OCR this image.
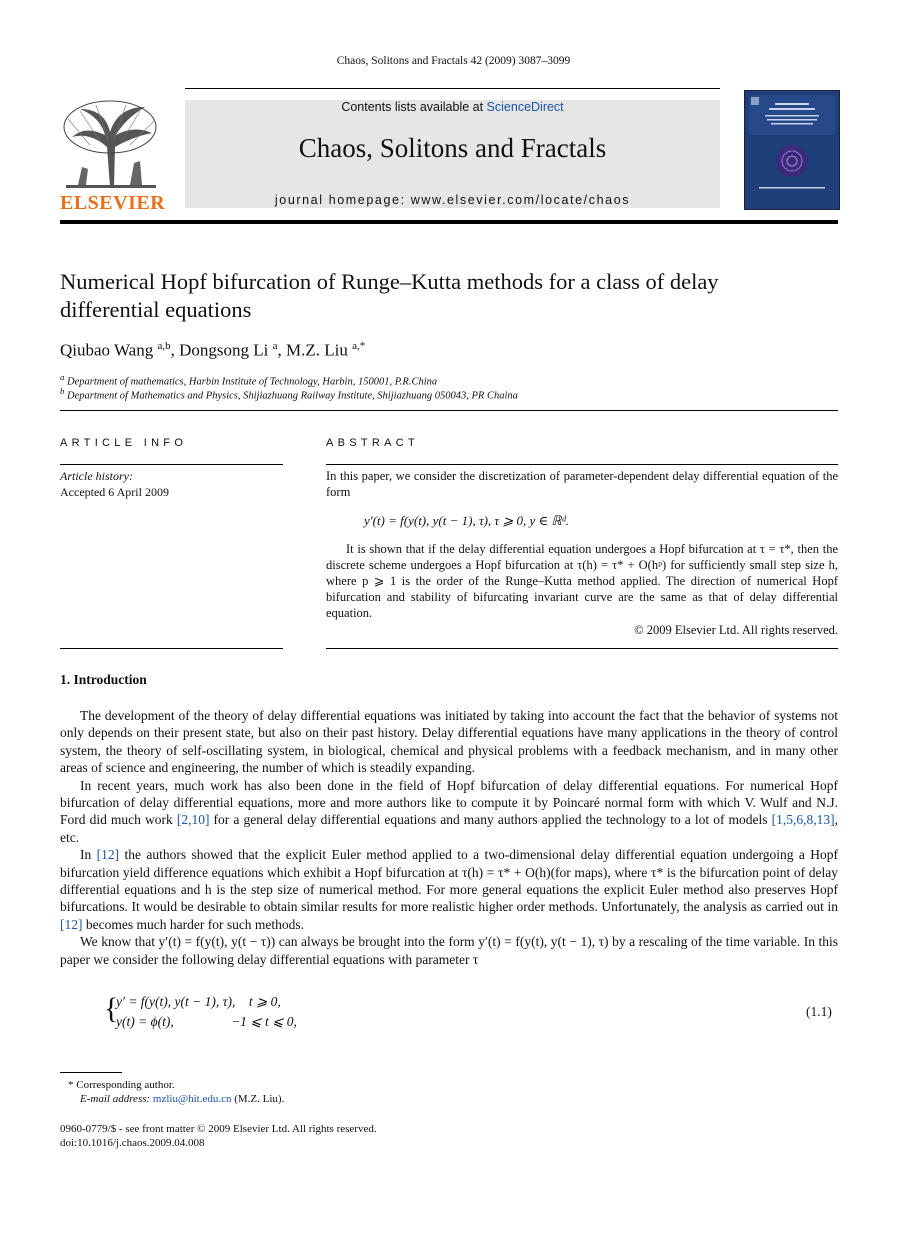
Chaos, Solitons and Fractals 42 (2009) 3087–3099
ELSEVIER
Contents lists available at ScienceDirect
Chaos, Solitons and Fractals
journal homepage: www.elsevier.com/locate/chaos
Numerical Hopf bifurcation of Runge–Kutta methods for a class of delay differential equations
Qiubao Wang $^{a,b}$, Dongsong Li $^a$, M.Z. Liu $^{a,*}$
$^a$ Department of mathematics, Harbin Institute of Technology, Harbin, 150001, P.R.China
$^b$ Department of Mathematics and Physics, Shijiazhuang Railway Institute, Shijiazhuang 050043, PR Chaina
ARTICLE INFO
Article history:
Accepted 6 April 2009
ABSTRACT

In this paper, we consider the discretization of parameter-dependent delay differential equation of the form

y′(t) = f(y(t), y(t − 1), τ), τ ⩾ 0, y ∈ ℝᵈ.

It is shown that if the delay differential equation undergoes a Hopf bifurcation at τ = τ*, then the discrete scheme undergoes a Hopf bifurcation at τ(h) = τ* + O(hᵖ) for sufficiently small step size h, where p ⩾ 1 is the order of the Runge–Kutta method applied. The direction of numerical Hopf bifurcation and stability of bifurcating invariant curve are the same as that of delay differential equation.

© 2009 Elsevier Ltd. All rights reserved.

1. Introduction

The development of the theory of delay differential equations was initiated by taking into account the fact that the behavior of systems not only depends on their present state, but also on their past history. Delay differential equations have many applications in the theory of control system, the theory of self-oscillating system, in biological, chemical and physical problems with a feedback mechanism, and in many other areas of science and engineering, the number of which is steadily expanding.

In recent years, much work has also been done in the field of Hopf bifurcation of delay differential equations. For numerical Hopf bifurcation of delay differential equations, more and more authors like to compute it by Poincaré normal form with which V. Wulf and N.J. Ford did much work [2,10] for a general delay differential equations and many authors applied the technology to a lot of models [1,5,6,8,13], etc.

In [12] the authors showed that the explicit Euler method applied to a two-dimensional delay differential equation undergoing a Hopf bifurcation yield difference equations which exhibit a Hopf bifurcation at τ(h) = τ* + O(h)(for maps), where τ* is the bifurcation point of delay differential equations and h is the step size of numerical method. For more general equations the explicit Euler method also preserves Hopf bifurcations. It would be desirable to obtain similar results for more realistic higher order methods. Unfortunately, the analysis as carried out in [12] becomes much harder for such methods.

We know that y′(t) = f(y(t), y(t − τ)) can always be brought into the form y′(t) = f(y(t), y(t − 1), τ) by a rescaling of the time variable. In this paper we consider the following delay differential equations with parameter τ

{
y′ = f(y(t), y(t − 1), τ),    t ⩾ 0,
y(t) = ϕ(t),                 −1 ⩽ t ⩽ 0,
(1.1)
* Corresponding author.
E-mail address: mzliu@hit.edu.cn (M.Z. Liu).
0960-0779/$ - see front matter © 2009 Elsevier Ltd. All rights reserved.
doi:10.1016/j.chaos.2009.04.008
